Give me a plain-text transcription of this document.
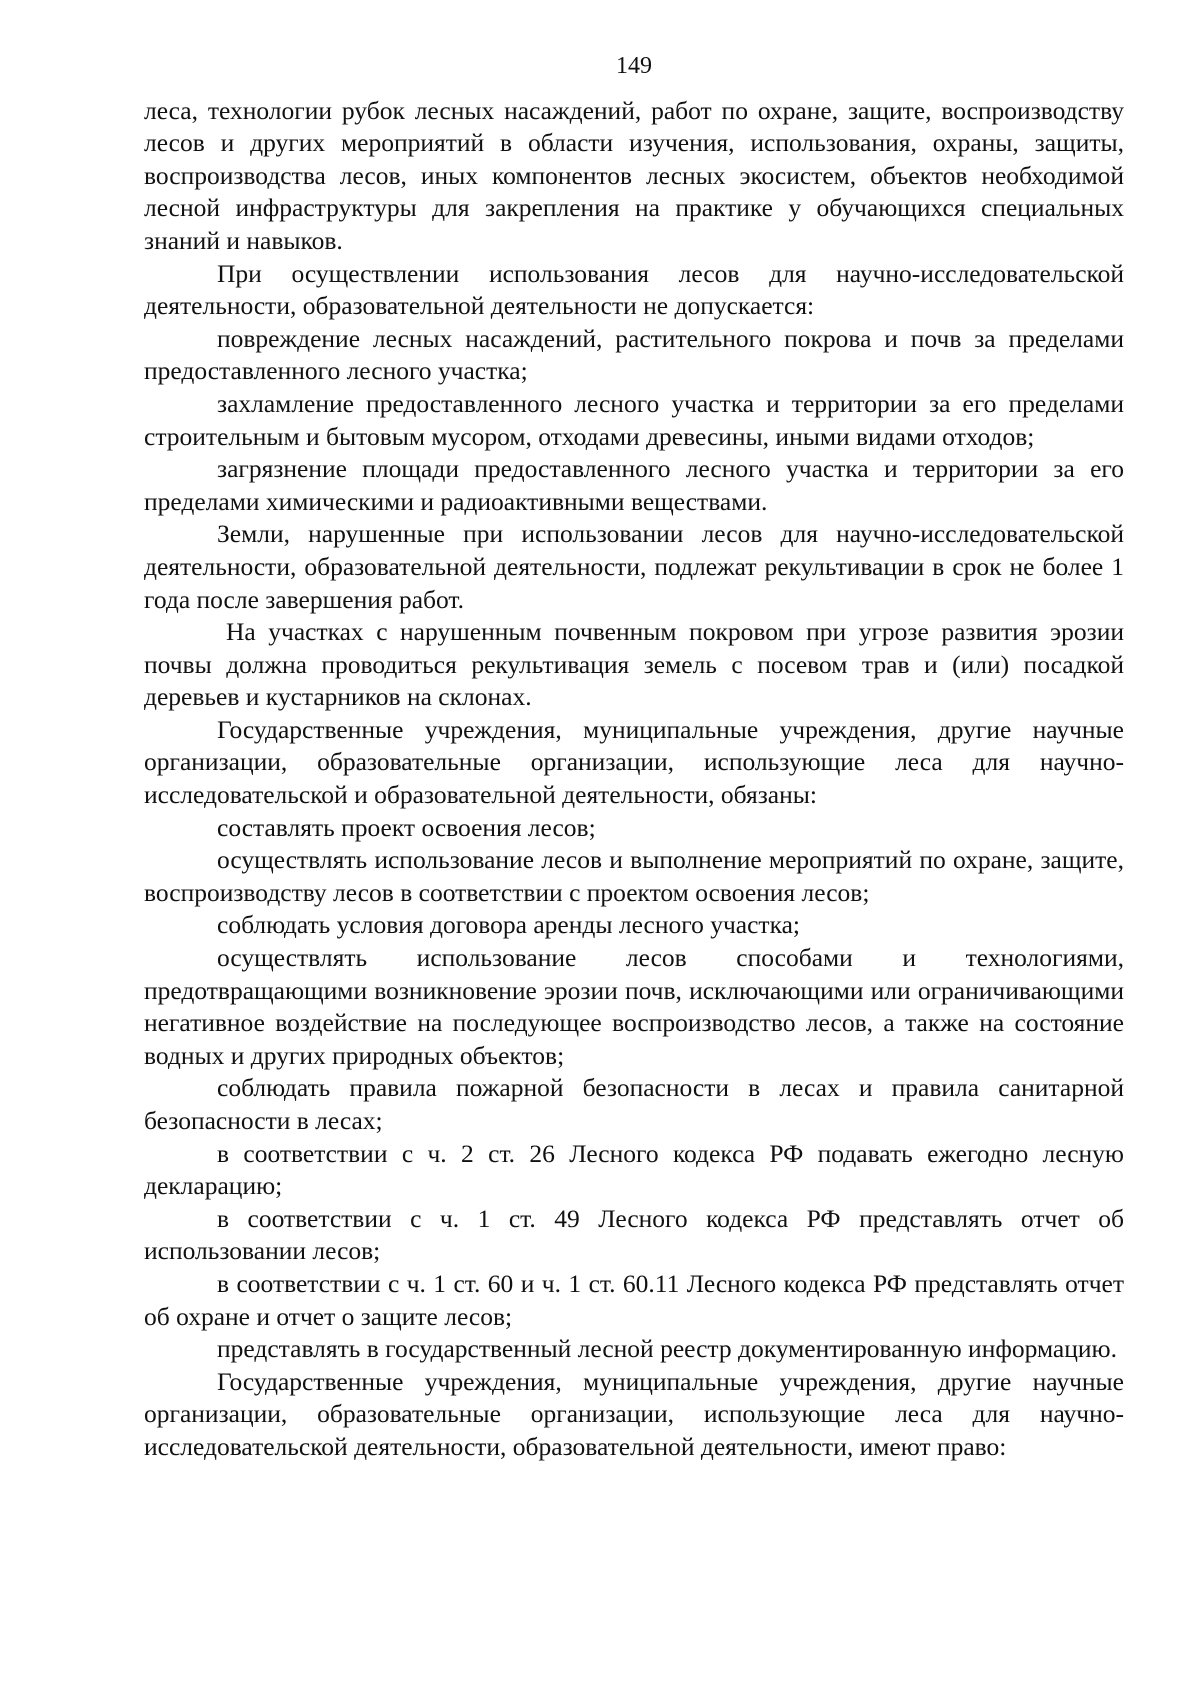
149

леса, технологии рубок лесных насаждений, работ по охране, защите, воспроизводству лесов и других мероприятий в области изучения, использования, охраны, защиты, воспроизводства лесов, иных компонентов лесных экосистем, объектов необходимой лесной инфраструктуры для закрепления на практике у обучающихся специальных знаний и навыков.

При осуществлении использования лесов для научно-исследовательской деятельности, образовательной деятельности не допускается:

повреждение лесных насаждений, растительного покрова и почв за пределами предоставленного лесного участка;

захламление предоставленного лесного участка и территории за его пределами строительным и бытовым мусором, отходами древесины, иными видами отходов;

загрязнение площади предоставленного лесного участка и территории за его пределами химическими и радиоактивными веществами.

Земли, нарушенные при использовании лесов для научно-исследовательской деятельности, образовательной деятельности, подлежат рекультивации в срок не более 1 года после завершения работ.

На участках с нарушенным почвенным покровом при угрозе развития эрозии почвы должна проводиться рекультивация земель с посевом трав и (или) посадкой деревьев и кустарников на склонах.

Государственные учреждения, муниципальные учреждения, другие научные организации, образовательные организации, использующие леса для научно-исследовательской и образовательной деятельности, обязаны:

составлять проект освоения лесов;

осуществлять использование лесов и выполнение мероприятий по охране, защите, воспроизводству лесов в соответствии с проектом освоения лесов;

соблюдать условия договора аренды лесного участка;

осуществлять использование лесов способами и технологиями, предотвращающими возникновение эрозии почв, исключающими или ограничивающими негативное воздействие на последующее воспроизводство лесов, а также на состояние водных и других природных объектов;

соблюдать правила пожарной безопасности в лесах и правила санитарной безопасности в лесах;

в соответствии с ч. 2 ст. 26 Лесного кодекса РФ подавать ежегодно лесную декларацию;

в соответствии с ч. 1 ст. 49 Лесного кодекса РФ представлять отчет об использовании лесов;

в соответствии с ч. 1 ст. 60 и ч. 1 ст. 60.11 Лесного кодекса РФ представлять отчет об охране и отчет о защите лесов;

представлять в государственный лесной реестр документированную информацию.

Государственные учреждения, муниципальные учреждения, другие научные организации, образовательные организации, использующие леса для научно-исследовательской деятельности, образовательной деятельности, имеют право:
